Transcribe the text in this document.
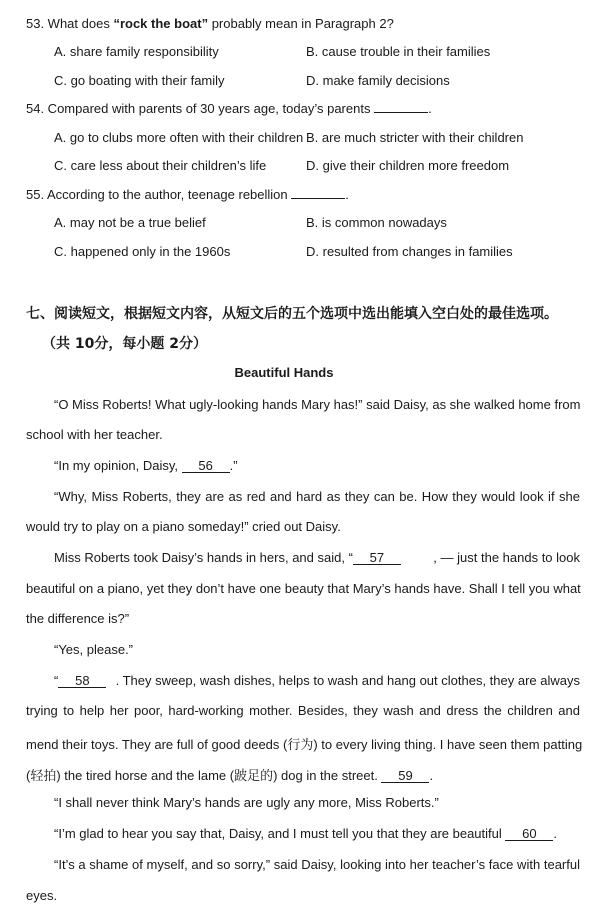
53. What does “rock the boat” probably mean in Paragraph 2?
A. share family responsibility	B. cause trouble in their families
C. go boating with their family	D. make family decisions
54. Compared with parents of 30 years age, today’s parents	.
A. go to clubs more often with their children B. are much stricter with their children
C. care less about their children’s life	D. give their children more freedom
55. According to the author, teenage rebellion	.
A. may not be a true belief	B. is common nowadays
C. happened only in the 1960s	D. resulted from changes in families
七、阅读短文，根据短文内容，从短文后的五个选项中选出能填入空白处的最佳选项。
（共 10分，每小题 2分）
Beautiful Hands
“O Miss Roberts! What ugly-looking hands Mary has!” said Daisy, as she walked home from
school with her teacher.
“In my opinion, Daisy, 56 .”
“Why, Miss Roberts, they are as red and hard as they can be. How they would look if she
would try to play on a piano someday!” cried out Daisy.
Miss Roberts took Daisy’s hands in hers, and said, “ 57	, — just the hands to look
beautiful on a piano, yet they don’t have one beauty that Mary’s hands have. Shall I tell you what
the difference is?”
“Yes, please.”
“ 58	. They sweep, wash dishes, helps to wash and hang out clothes, they are always
trying to help her poor, hard-working mother. Besides, they wash and dress the children and
mend their toys. They are full of good deeds (行为) to every living thing. I have seen them patting
(轻拍) the tired horse and the lame (跛足的) dog in the street. 59 .
“I shall never think Mary’s hands are ugly any more, Miss Roberts.”
“I’m glad to hear you say that, Daisy, and I must tell you that they are beautiful 60 .
“It’s a shame of myself, and so sorry,” said Daisy, looking into her teacher’s face with tearful
eyes.
